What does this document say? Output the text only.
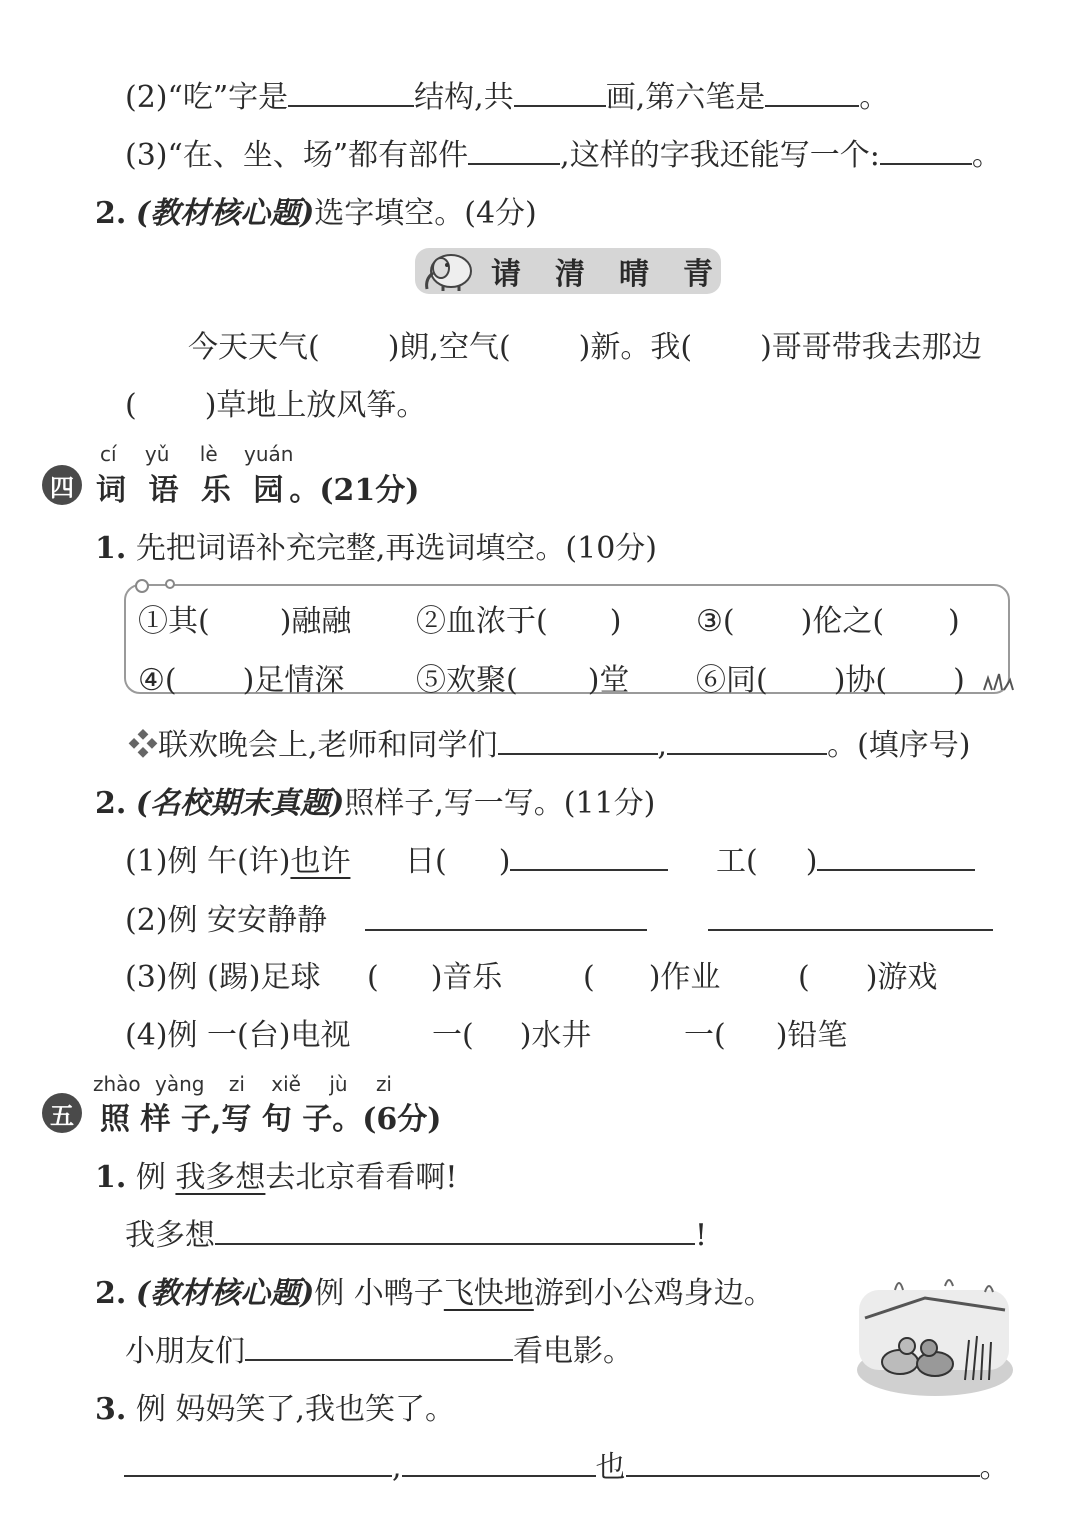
(2)“吃”字是	结构,共	画,第六笔是	。
(3)“在、坐、场”都有部件	,这样的字我还能写一个:	。
2. (教材核心题)选字填空。(4分)
请 清 晴 青
今天天气( )朗,空气( )新。我( )哥哥带我去那边
( )草地上放风筝。
cí yǔ lè yuán
四 词 语 乐 园。(21分)
1. 先把词语补充完整,再选词填空。(10分)
①其( )融融 ②血浓于( ) ③( )伦之( )
④( )足情深 ⑤欢聚( )堂 ⑥同( )协( )
❖联欢晚会上,老师和同学们	,	。(填序号)
2. (名校期末真题)照样子,写一写。(11分)
(1)例 午(许)也许 日( )	工( )
(2)例 安安静静
(3)例 (踢)足球 ( )音乐	( )作业	( )游戏
(4)例 一(台)电视	一( )水井	一( )铅笔
zhào yàng zi xiě jù zi
五 照 样 子,写 句 子。(6分)
1. 例 我多想去北京看看啊!
我多想	!
2. (教材核心题)例 小鸭子飞快地游到小公鸡身边。
小朋友们	看电影。
3. 例 妈妈笑了,我也笑了。
,	也	。
